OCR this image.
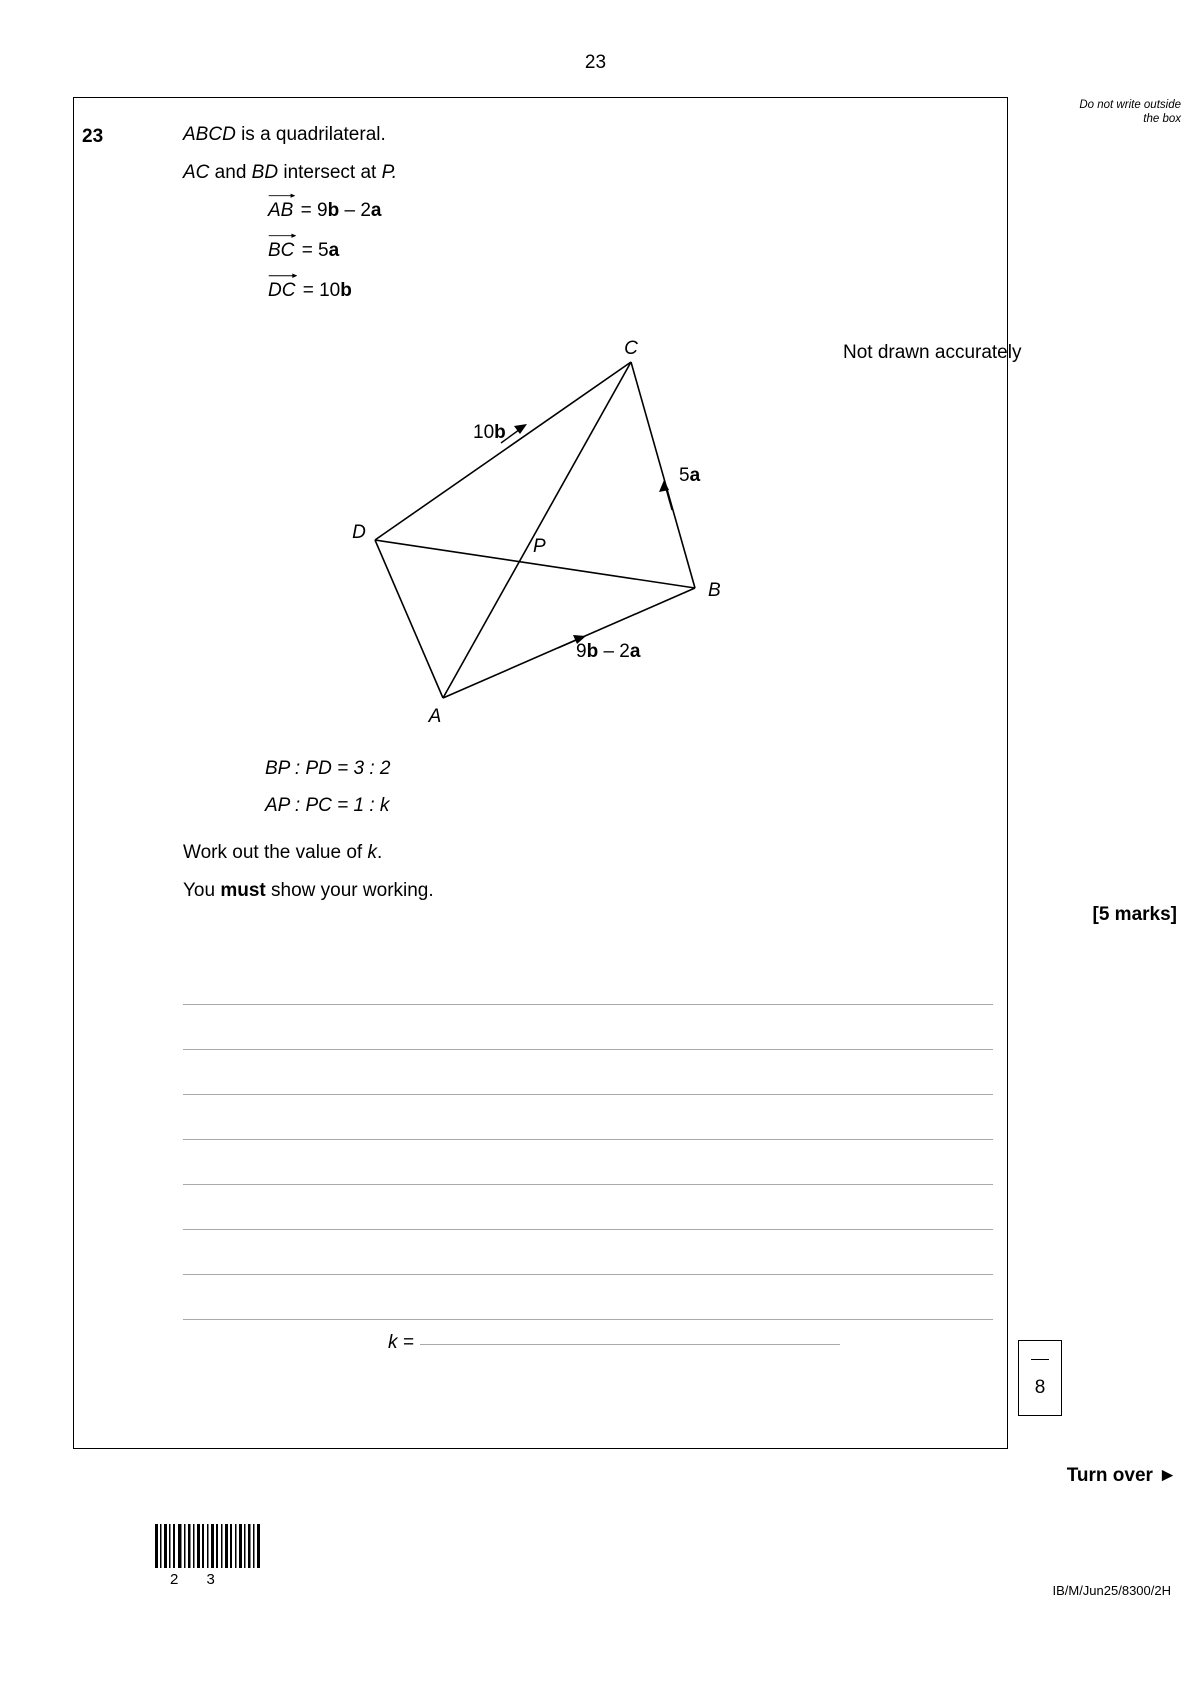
23
Do not write outside the box
23	ABCD is a quadrilateral.
AC and BD intersect at P.
AB = 9b – 2a
BC = 5a
DC = 10b
Not drawn accurately
C
D
B
A
P
10b
5a
9b – 2a
BP : PD = 3 : 2
AP : PC = 1 : k
Work out the value of k.
You must show your working.
[5 marks]
k =
8
Turn over ►
2 3
IB/M/Jun25/8300/2H
